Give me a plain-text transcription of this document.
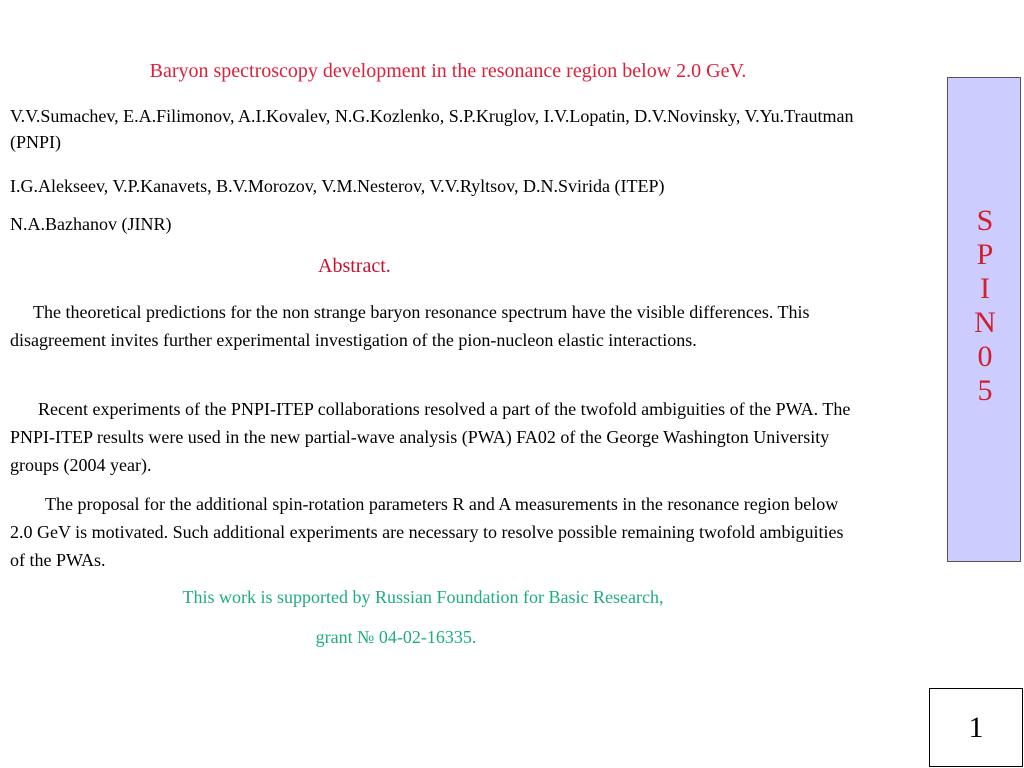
Baryon spectroscopy development in the resonance region below 2.0 GeV.
V.V.Sumachev, E.A.Filimonov, A.I.Kovalev, N.G.Kozlenko, S.P.Kruglov, I.V.Lopatin, D.V.Novinsky, V.Yu.Trautman (PNPI)
I.G.Alekseev, V.P.Kanavets, B.V.Morozov, V.M.Nesterov, V.V.Ryltsov, D.N.Svirida (ITEP)
N.A.Bazhanov (JINR)
Abstract.
The theoretical predictions for the non strange baryon resonance spectrum have the visible differences. This disagreement invites further experimental investigation of the pion-nucleon elastic interactions.
Recent experiments of the PNPI-ITEP collaborations resolved a part of the twofold ambiguities of the PWA. The PNPI-ITEP results were used in the new partial-wave analysis (PWA) FA02 of the George Washington University groups (2004 year).
The proposal for the additional spin-rotation parameters R and A measurements in the resonance region below 2.0 GeV is motivated. Such additional experiments are necessary to resolve possible remaining twofold ambiguities of the PWAs.
This work is supported by Russian Foundation for Basic Research,
grant № 04-02-16335.
S
P
I
N
0
5
1
